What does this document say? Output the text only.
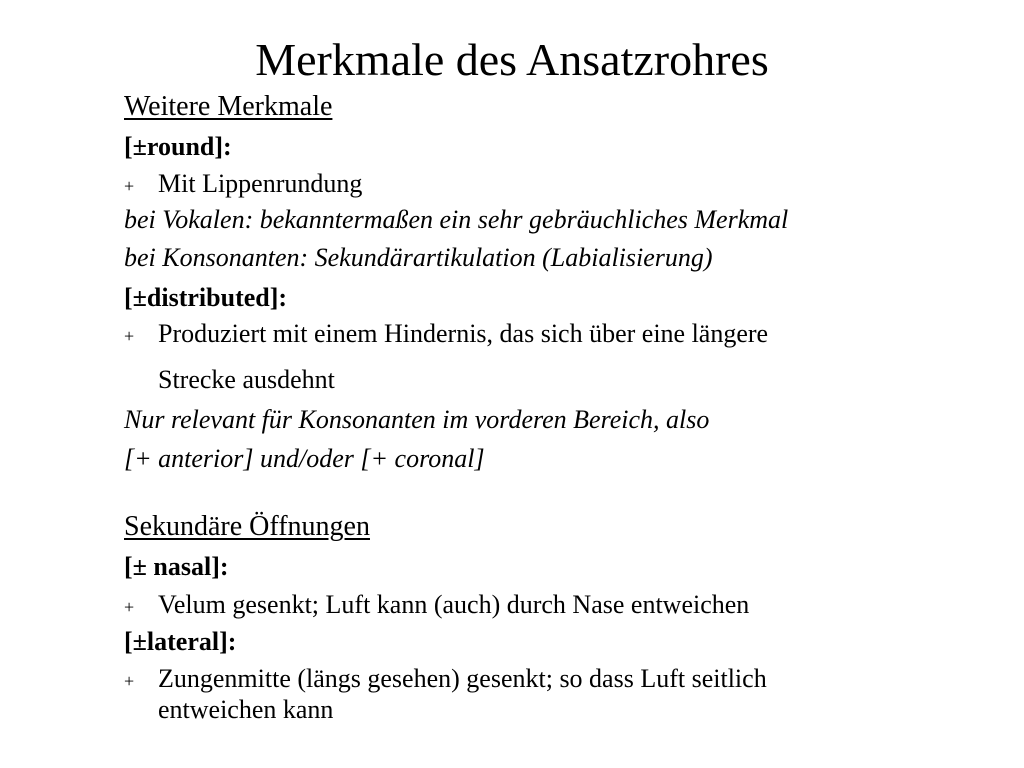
Merkmale des Ansatzrohres
Weitere Merkmale
[±round]:
+ Mit Lippenrundung
bei Vokalen: bekanntermaßen ein sehr gebräuchliches Merkmal
bei Konsonanten: Sekundärartikulation (Labialisierung)
[±distributed]:
+ Produziert mit einem Hindernis, das sich über eine längere
Strecke ausdehnt
Nur relevant für Konsonanten im vorderen Bereich, also
[+ anterior] und/oder [+ coronal]
Sekundäre Öffnungen
[± nasal]:
+ Velum gesenkt; Luft kann (auch) durch Nase entweichen
[±lateral]:
+ Zungenmitte (längs gesehen) gesenkt; so dass Luft seitlich
entweichen kann
